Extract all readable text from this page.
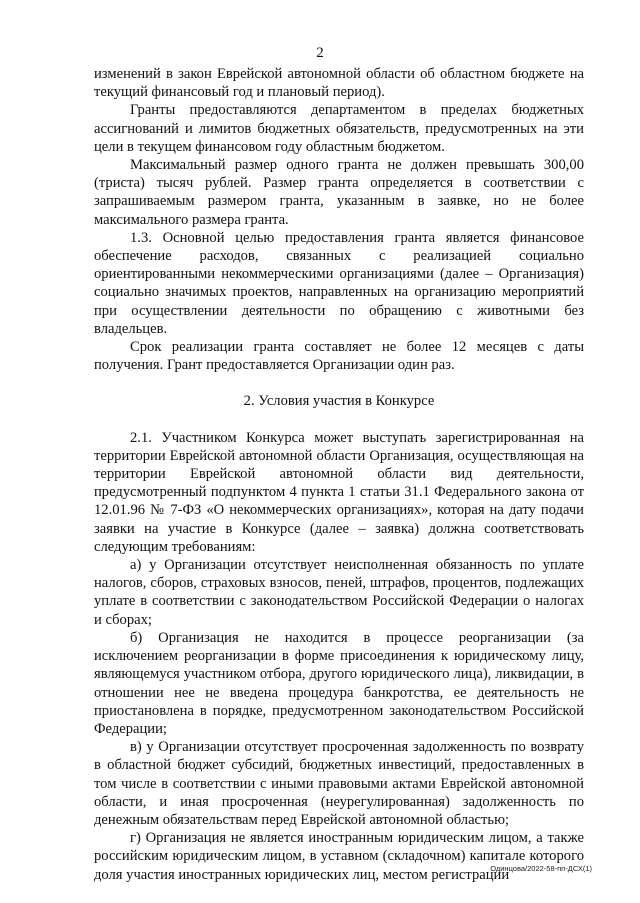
2

изменений в закон Еврейской автономной области об областном бюджете на текущий финансовый год и плановый период).

Гранты предоставляются департаментом в пределах бюджетных ассигнований и лимитов бюджетных обязательств, предусмотренных на эти цели в текущем финансовом году областным бюджетом.

Максимальный размер одного гранта не должен превышать 300,00 (триста) тысяч рублей. Размер гранта определяется в соответствии с запрашиваемым размером гранта, указанным в заявке, но не более максимального размера гранта.

1.3. Основной целью предоставления гранта является финансовое обеспечение расходов, связанных с реализацией социально ориентированными некоммерческими организациями (далее – Организация) социально значимых проектов, направленных на организацию мероприятий при осуществлении деятельности по обращению с животными без владельцев.

Срок реализации гранта составляет не более 12 месяцев с даты получения. Грант предоставляется Организации один раз.

2. Условия участия в Конкурсе

2.1. Участником Конкурса может выступать зарегистрированная на территории Еврейской автономной области Организация, осуществляющая на территории Еврейской автономной области вид деятельности, предусмотренный подпунктом 4 пункта 1 статьи 31.1 Федерального закона от 12.01.96 № 7-ФЗ «О некоммерческих организациях», которая на дату подачи заявки на участие в Конкурсе (далее – заявка) должна соответствовать следующим требованиям:

а) у Организации отсутствует неисполненная обязанность по уплате налогов, сборов, страховых взносов, пеней, штрафов, процентов, подлежащих уплате в соответствии с законодательством Российской Федерации о налогах и сборах;

б) Организация не находится в процессе реорганизации (за исключением реорганизации в форме присоединения к юридическому лицу, являющемуся участником отбора, другого юридического лица), ликвидации, в отношении нее не введена процедура банкротства, ее деятельность не приостановлена в порядке, предусмотренном законодательством Российской Федерации;

в) у Организации отсутствует просроченная задолженность по возврату в областной бюджет субсидий, бюджетных инвестиций, предоставленных в том числе в соответствии с иными правовыми актами Еврейской автономной области, и иная просроченная (неурегулированная) задолженность по денежным обязательствам перед Еврейской автономной областью;

г) Организация не является иностранным юридическим лицом, а также российским юридическим лицом, в уставном (складочном) капитале которого доля участия иностранных юридических лиц, местом регистрации

Одинцова/2022-58-пп-ДСХ(1)
